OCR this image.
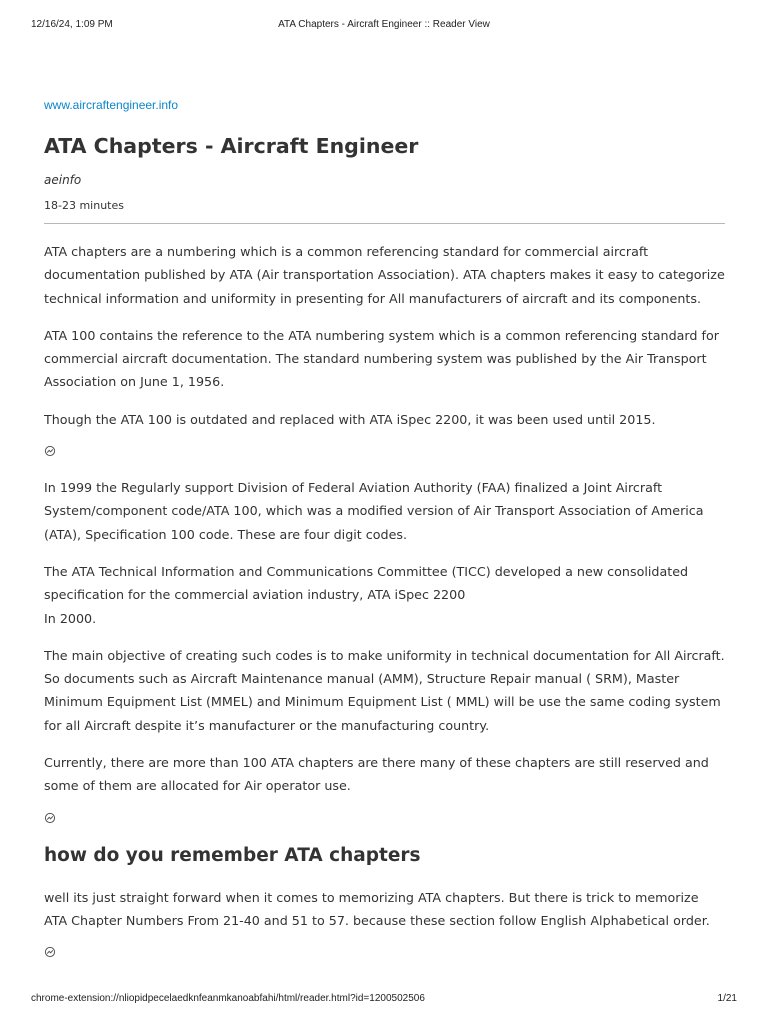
12/16/24, 1:09 PM	ATA Chapters - Aircraft Engineer :: Reader View
www.aircraftengineer.info
ATA Chapters - Aircraft Engineer
aeinfo
18-23 minutes

ATA chapters are a numbering which is a common referencing standard for commercial aircraft documentation published by ATA (Air transportation Association). ATA chapters makes it easy to categorize technical information and uniformity in presenting for All manufacturers of aircraft and its components.

ATA 100 contains the reference to the ATA numbering system which is a common referencing standard for commercial aircraft documentation. The standard numbering system was published by the Air Transport Association on June 1, 1956.

Though the ATA 100 is outdated and replaced with ATA iSpec 2200, it was been used until 2015.

In 1999 the Regularly support Division of Federal Aviation Authority (FAA) finalized a Joint Aircraft System/component code/ATA 100, which was a modified version of Air Transport Association of America (ATA), Specification 100 code. These are four digit codes.

The ATA Technical Information and Communications Committee (TICC) developed a new consolidated specification for the commercial aviation industry, ATA iSpec 2200
In 2000.

The main objective of creating such codes is to make uniformity in technical documentation for All Aircraft. So documents such as Aircraft Maintenance manual (AMM), Structure Repair manual ( SRM), Master Minimum Equipment List (MMEL) and Minimum Equipment List ( MML) will be use the same coding system for all Aircraft despite it’s manufacturer or the manufacturing country.

Currently, there are more than 100 ATA chapters are there many of these chapters are still reserved and some of them are allocated for Air operator use.

how do you remember ATA chapters

well its just straight forward when it comes to memorizing ATA chapters. But there is trick to memorize ATA Chapter Numbers From 21-40 and 51 to 57. because these section follow English Alphabetical order.

chrome-extension://nliopidpecelaedknfeanmkanoabfahi/html/reader.html?id=1200502506	1/21
